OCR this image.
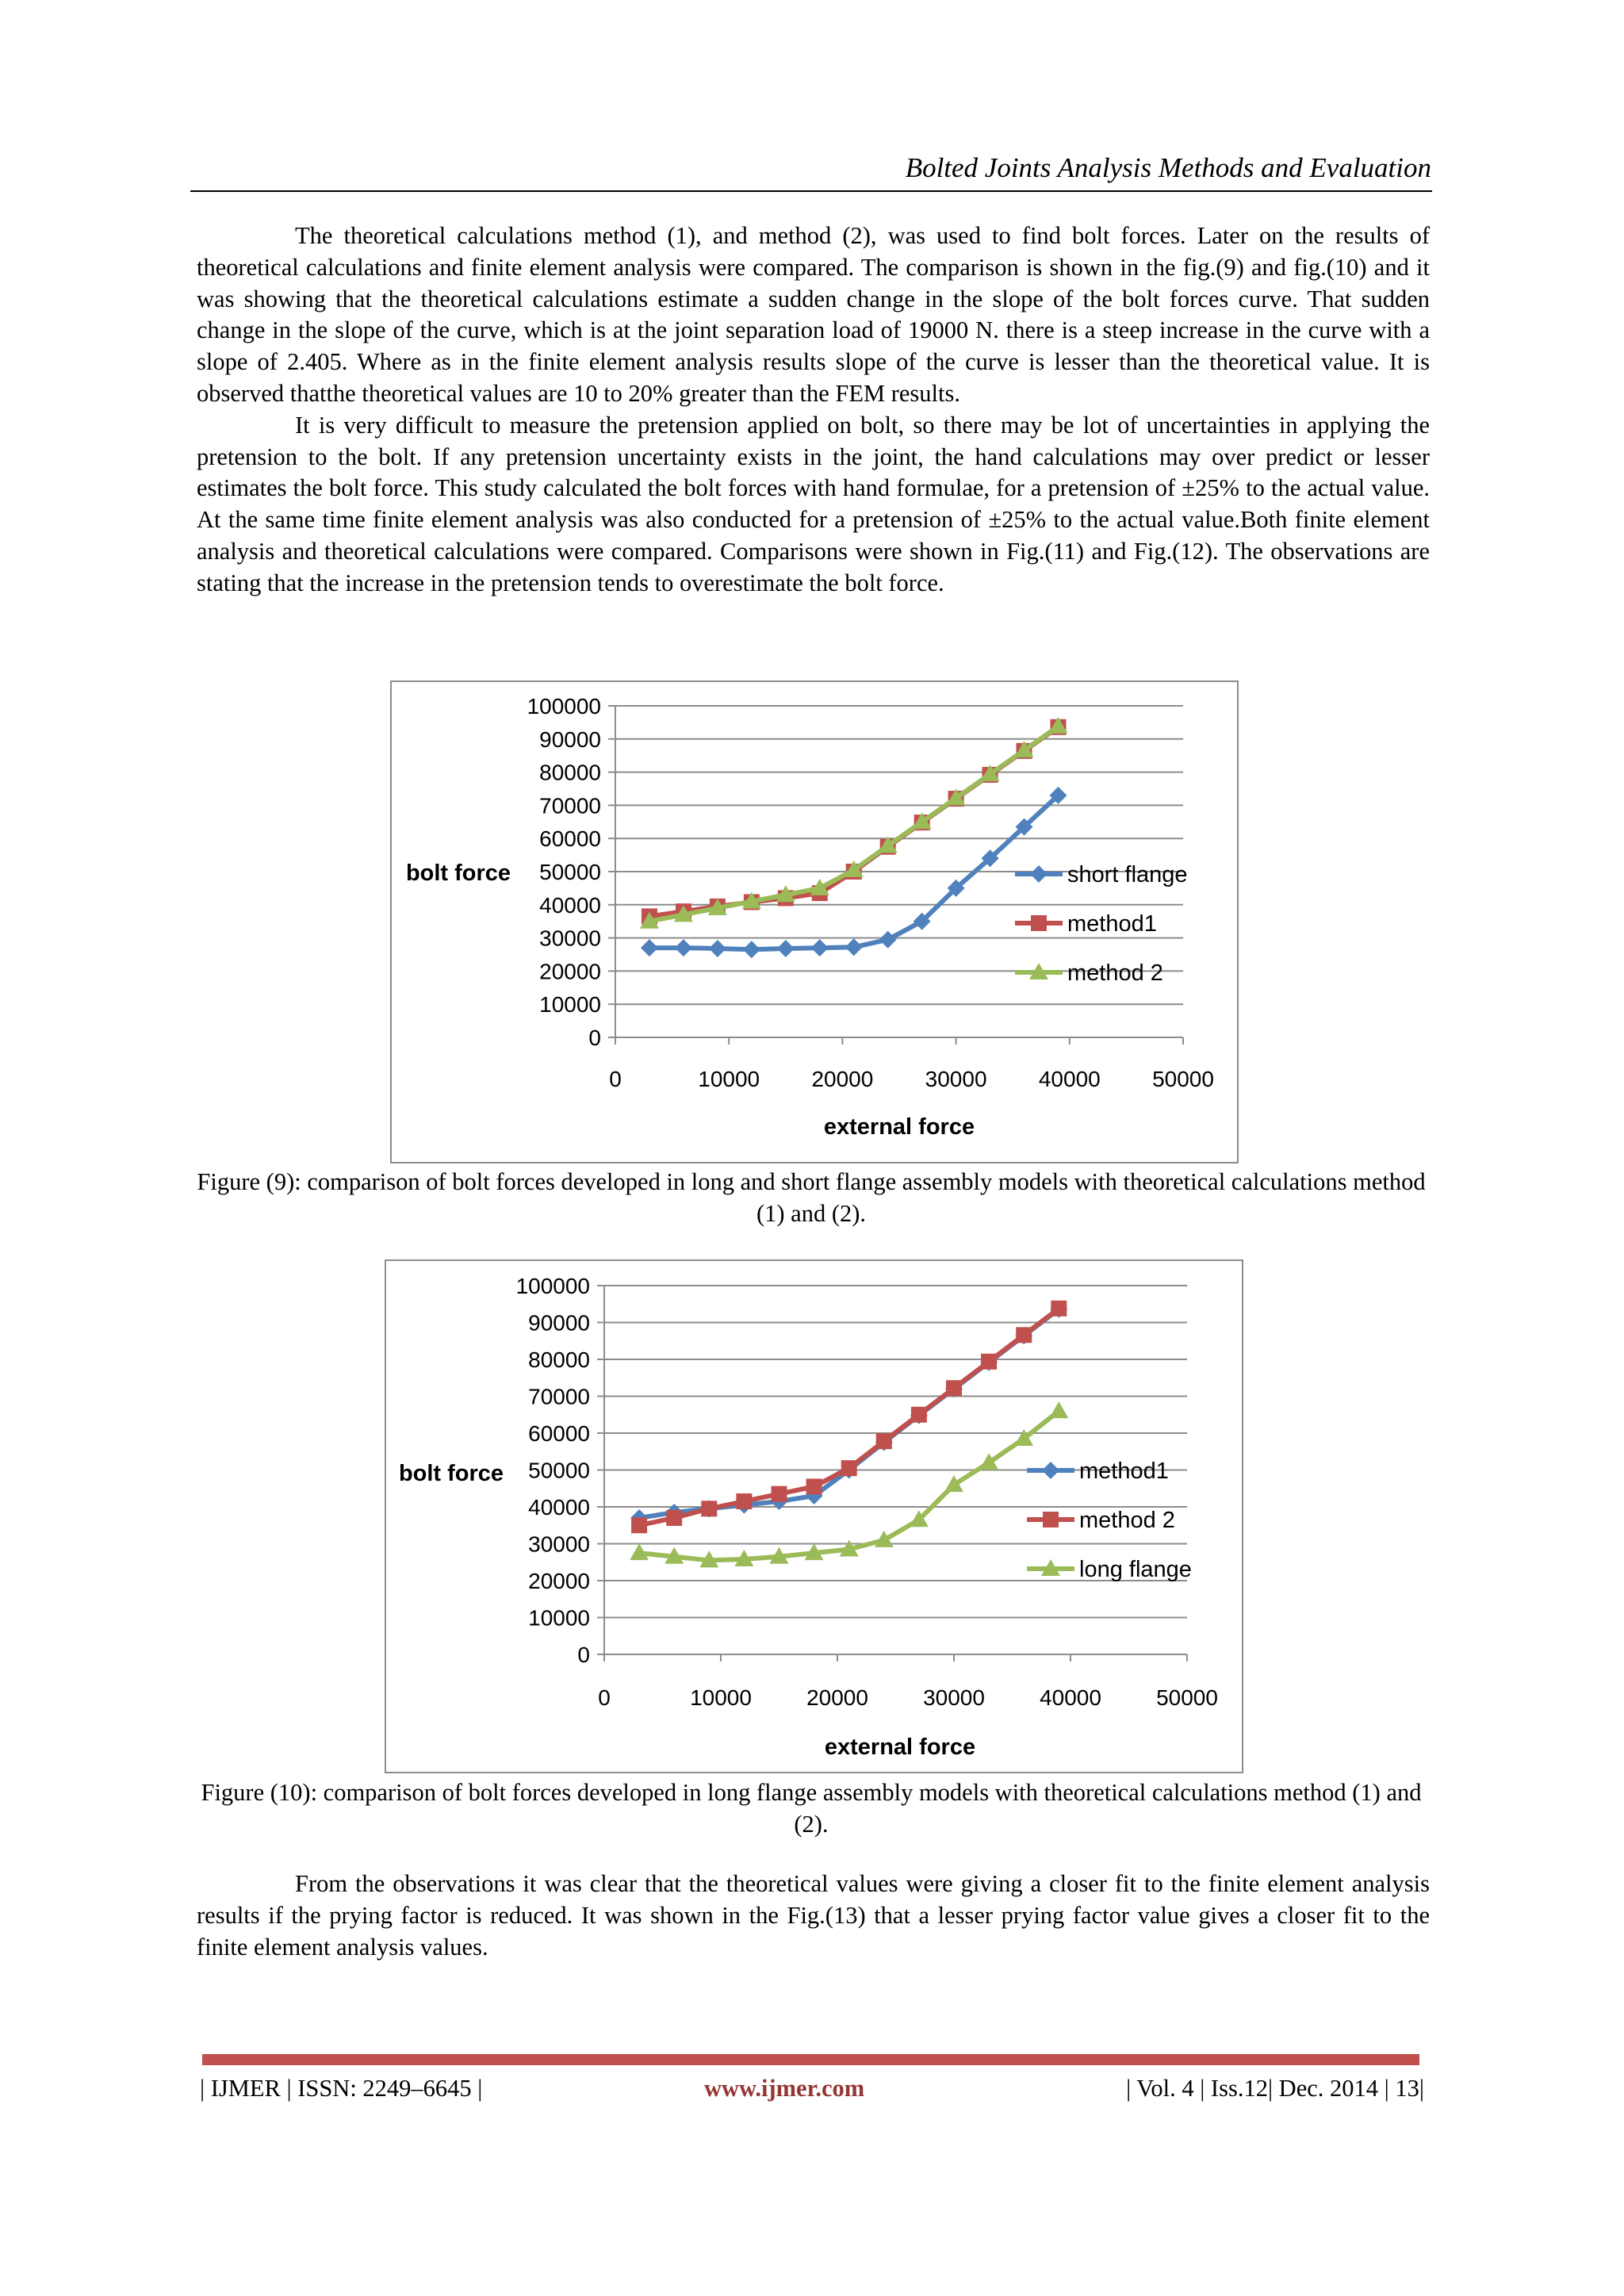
Bolted Joints Analysis Methods and Evaluation

The theoretical calculations method (1), and method (2), was used to find bolt forces. Later on the results of theoretical calculations and finite element analysis were compared. The comparison is shown in the fig.(9) and fig.(10) and it was showing that the theoretical calculations estimate a sudden change in the slope of the bolt forces curve. That sudden change in the slope of the curve, which is at the joint separation load of 19000 N. there is a steep increase in the curve with a slope of 2.405. Where as in the finite element analysis results slope of the curve is lesser than the theoretical value. It is observed thatthe theoretical values are 10 to 20% greater than the FEM results.

It is very difficult to measure the pretension applied on bolt, so there may be lot of uncertainties in applying the pretension to the bolt. If any pretension uncertainty exists in the joint, the hand calculations may over predict or lesser estimates the bolt force. This study calculated the bolt forces with hand formulae, for a pretension of ±25% to the actual value. At the same time finite element analysis was also conducted for a pretension of ±25% to the actual value.Both finite element analysis and theoretical calculations were compared. Comparisons were shown in Fig.(11) and Fig.(12). The observations are stating that the increase in the pretension tends to overestimate the bolt force.

0
10000
20000
30000
40000
50000
60000
70000
80000
90000
100000
0	10000 20000 30000 40000 50000
bolt force
external force
short flange
method1
method 2
Figure (9): comparison of bolt forces developed in long and short flange assembly models with theoretical calculations method (1) and (2).
0
10000
20000
30000
40000
50000
60000
70000
80000
90000
100000
0	10000 20000 30000 40000 50000
bolt force
external force
method1
method 2
long flange
Figure (10): comparison of bolt forces developed in long flange assembly models with theoretical calculations method (1) and (2).

From the observations it was clear that the theoretical values were giving a closer fit to the finite element analysis results if the prying factor is reduced. It was shown in the Fig.(13) that a lesser prying factor value gives a closer fit to the finite element analysis values.

| IJMER | ISSN: 2249–6645 |	www.ijmer.com	| Vol. 4 | Iss.12| Dec. 2014 | 13|
